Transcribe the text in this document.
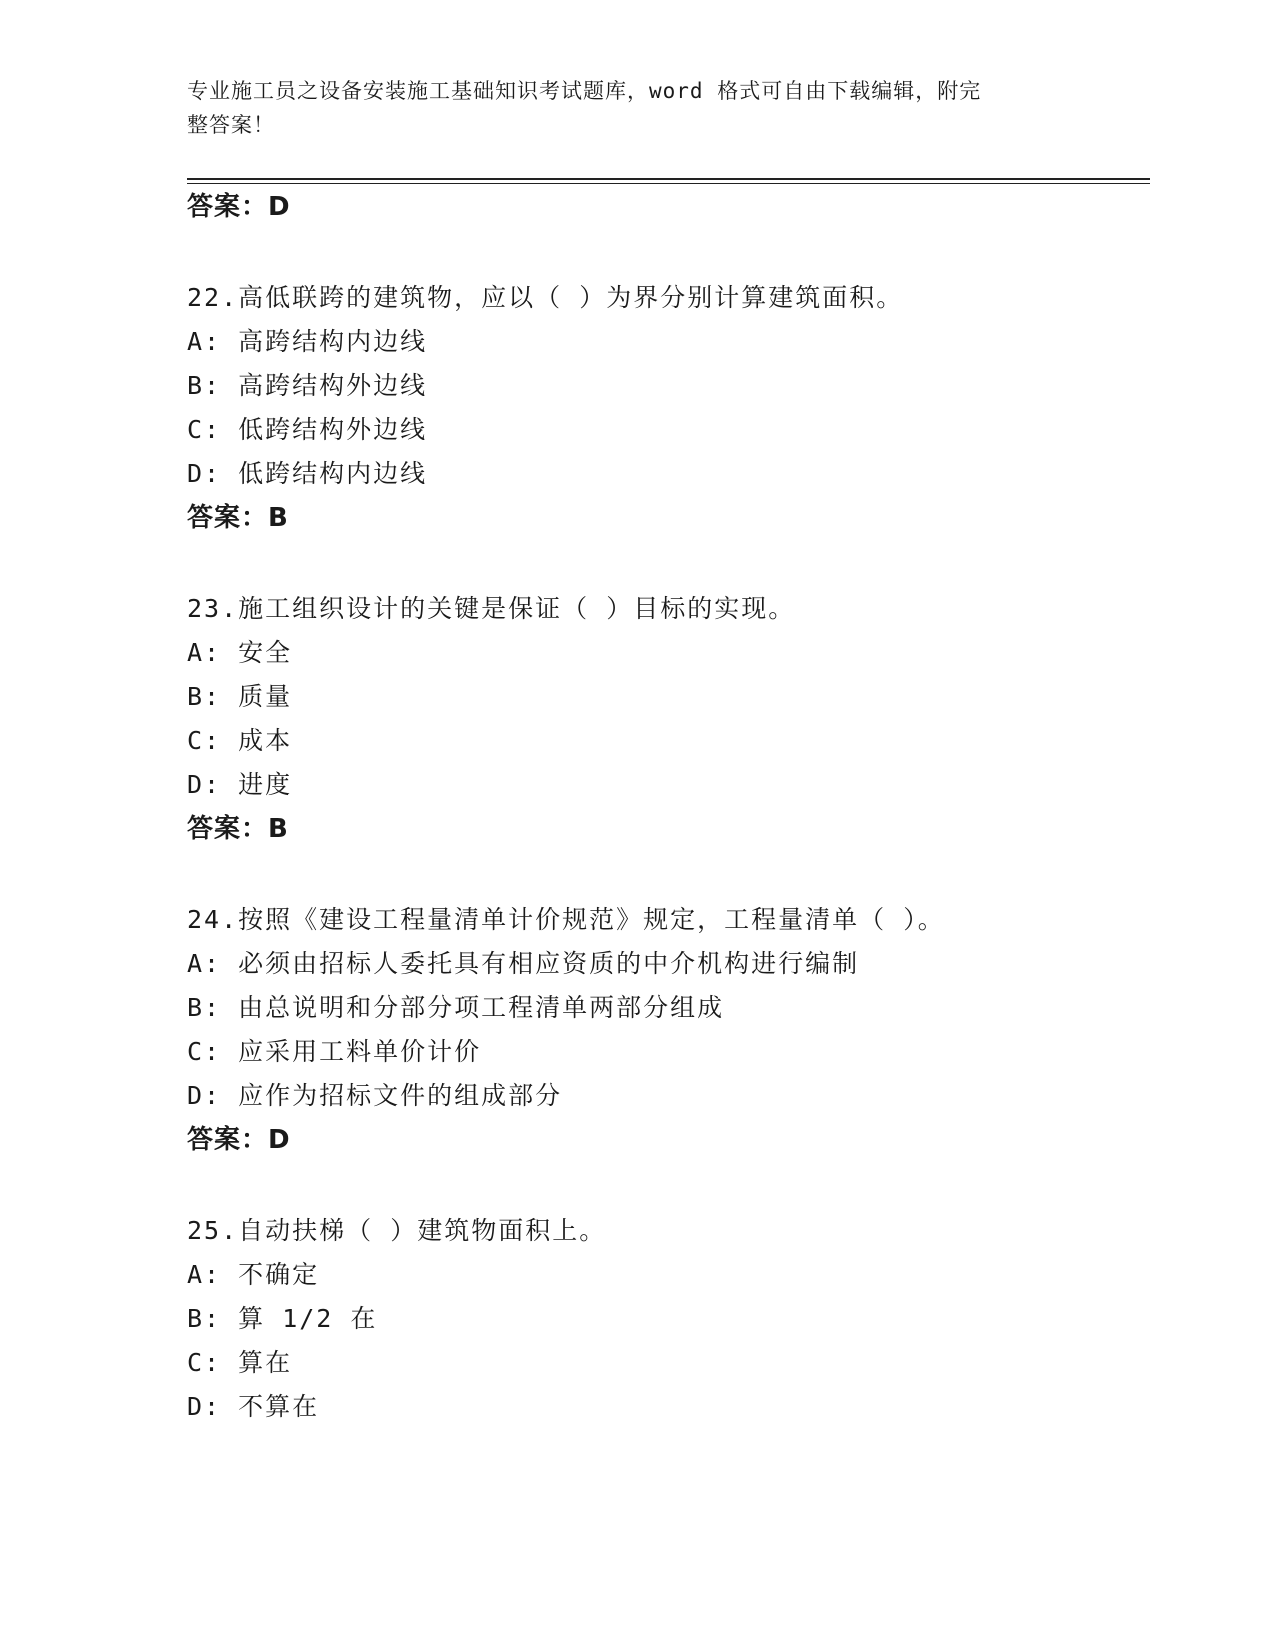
专业施工员之设备安装施工基础知识考试题库，word 格式可自由下载编辑，附完
整答案！
答案：D
22.高低联跨的建筑物，应以（ ）为界分别计算建筑面积。
A: 高跨结构内边线
B: 高跨结构外边线
C: 低跨结构外边线
D: 低跨结构内边线
答案：B
23.施工组织设计的关键是保证（ ）目标的实现。
A: 安全
B: 质量
C: 成本
D: 进度
答案：B
24.按照《建设工程量清单计价规范》规定，工程量清单（ ）。
A: 必须由招标人委托具有相应资质的中介机构进行编制
B: 由总说明和分部分项工程清单两部分组成
C: 应采用工料单价计价
D: 应作为招标文件的组成部分
答案：D
25.自动扶梯（ ）建筑物面积上。
A: 不确定
B: 算 1/2 在
C: 算在
D: 不算在
